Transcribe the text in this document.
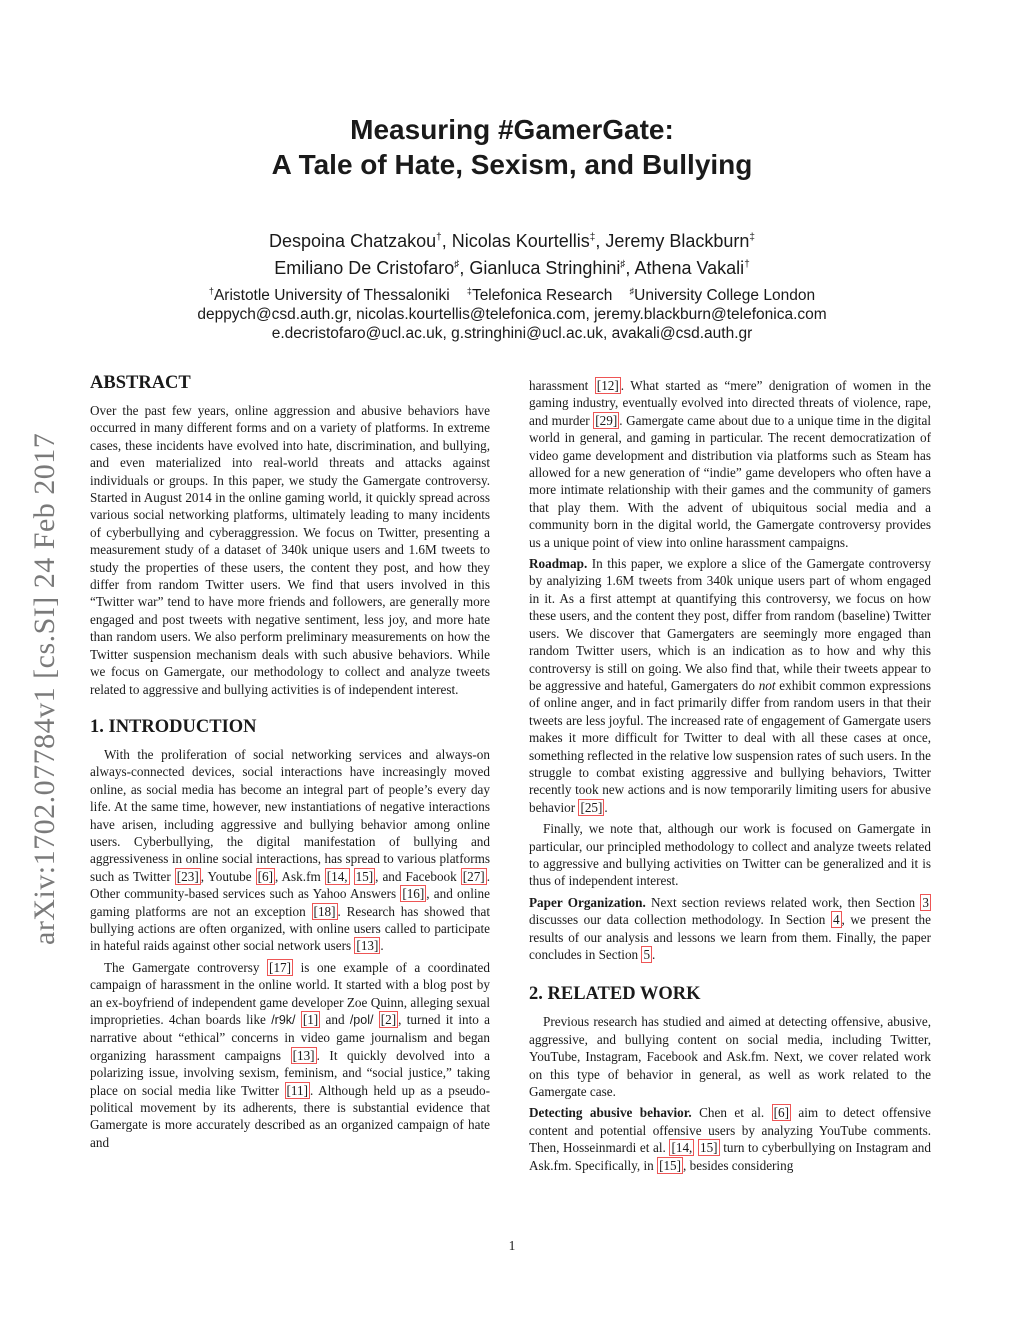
arXiv:1702.07784v1 [cs.SI] 24 Feb 2017
Measuring #GamerGate:
A Tale of Hate, Sexism, and Bullying
Despoina Chatzakou†, Nicolas Kourtellis‡, Jeremy Blackburn‡
Emiliano De Cristofaro♯, Gianluca Stringhini♯, Athena Vakali†
†Aristotle University of Thessaloniki ‡Telefonica Research ♯University College London
deppych@csd.auth.gr, nicolas.kourtellis@telefonica.com, jeremy.blackburn@telefonica.com
e.decristofaro@ucl.ac.uk, g.stringhini@ucl.ac.uk, avakali@csd.auth.gr
ABSTRACT

Over the past few years, online aggression and abusive behaviors have occurred in many different forms and on a variety of platforms. In extreme cases, these incidents have evolved into hate, discrimination, and bullying, and even materialized into real-world threats and attacks against individuals or groups. In this paper, we study the Gamergate controversy. Started in August 2014 in the online gaming world, it quickly spread across various social networking platforms, ultimately leading to many incidents of cyberbullying and cyberaggression. We focus on Twitter, presenting a measurement study of a dataset of 340k unique users and 1.6M tweets to study the properties of these users, the content they post, and how they differ from random Twitter users. We find that users involved in this “Twitter war” tend to have more friends and followers, are generally more engaged and post tweets with negative sentiment, less joy, and more hate than random users. We also perform preliminary measurements on how the Twitter suspension mechanism deals with such abusive behaviors. While we focus on Gamergate, our methodology to collect and analyze tweets related to aggressive and bullying activities is of independent interest.

1. INTRODUCTION

With the proliferation of social networking services and always-on always-connected devices, social interactions have increasingly moved online, as social media has become an integral part of people’s every day life. At the same time, however, new instantiations of negative interactions have arisen, including aggressive and bullying behavior among online users. Cyberbullying, the digital manifestation of bullying and aggressiveness in online social interactions, has spread to various platforms such as Twitter [23] , Youtube [6] , Ask.fm [14, 15] , and Facebook [27] . Other community-based services such as Yahoo Answers [16] , and online gaming platforms are not an exception [18] . Research has showed that bullying actions are often organized, with online users called to participate in hateful raids against other social network users [13] .

The Gamergate controversy [17] is one example of a coordinated campaign of harassment in the online world. It started with a blog post by an ex-boyfriend of independent game developer Zoe Quinn, alleging sexual improprieties. 4chan boards like /r9k/ [1] and /pol/ [2] , turned it into a narrative about “ethical” concerns in video game journalism and began organizing harassment campaigns [13] . It quickly devolved into a polarizing issue, involving sexism, feminism, and “social justice,” taking place on social media like Twitter [11] . Although held up as a pseudo-political movement by its adherents, there is substantial evidence that Gamergate is more accurately described as an organized campaign of hate and

harassment [12] . What started as “mere” denigration of women in the gaming industry, eventually evolved into directed threats of violence, rape, and murder [29] . Gamergate came about due to a unique time in the digital world in general, and gaming in particular. The recent democratization of video game development and distribution via platforms such as Steam has allowed for a new generation of “indie” game developers who often have a more intimate relationship with their games and the community of gamers that play them. With the advent of ubiquitous social media and a community born in the digital world, the Gamergate controversy provides us a unique point of view into online harassment campaigns.

Roadmap. In this paper, we explore a slice of the Gamergate controversy by analyizing 1.6M tweets from 340k unique users part of whom engaged in it. As a first attempt at quantifying this controversy, we focus on how these users, and the content they post, differ from random (baseline) Twitter users. We discover that Gamergaters are seemingly more engaged than random Twitter users, which is an indication as to how and why this controversy is still on going. We also find that, while their tweets appear to be aggressive and hateful, Gamergaters do not exhibit common expressions of online anger, and in fact primarily differ from random users in that their tweets are less joyful. The increased rate of engagement of Gamergate users makes it more difficult for Twitter to deal with all these cases at once, something reflected in the relative low suspension rates of such users. In the struggle to combat existing aggressive and bullying behaviors, Twitter recently took new actions and is now temporarily limiting users for abusive behavior [25] .

Finally, we note that, although our work is focused on Gamergate in particular, our principled methodology to collect and analyze tweets related to aggressive and bullying activities on Twitter can be generalized and it is thus of independent interest.

Paper Organization. Next section reviews related work, then Section 3 discusses our data collection methodology. In Section 4 , we present the results of our analysis and lessons we learn from them. Finally, the paper concludes in Section 5 .

2. RELATED WORK

Previous research has studied and aimed at detecting offensive, abusive, aggressive, and bullying content on social media, including Twitter, YouTube, Instagram, Facebook and Ask.fm. Next, we cover related work on this type of behavior in general, as well as work related to the Gamergate case.

Detecting abusive behavior. Chen et al. [6] aim to detect offensive content and potential offensive users by analyzing YouTube comments. Then, Hosseinmardi et al. [14, 15] turn to cyberbullying on Instagram and Ask.fm. Specifically, in [15] , besides considering

1
